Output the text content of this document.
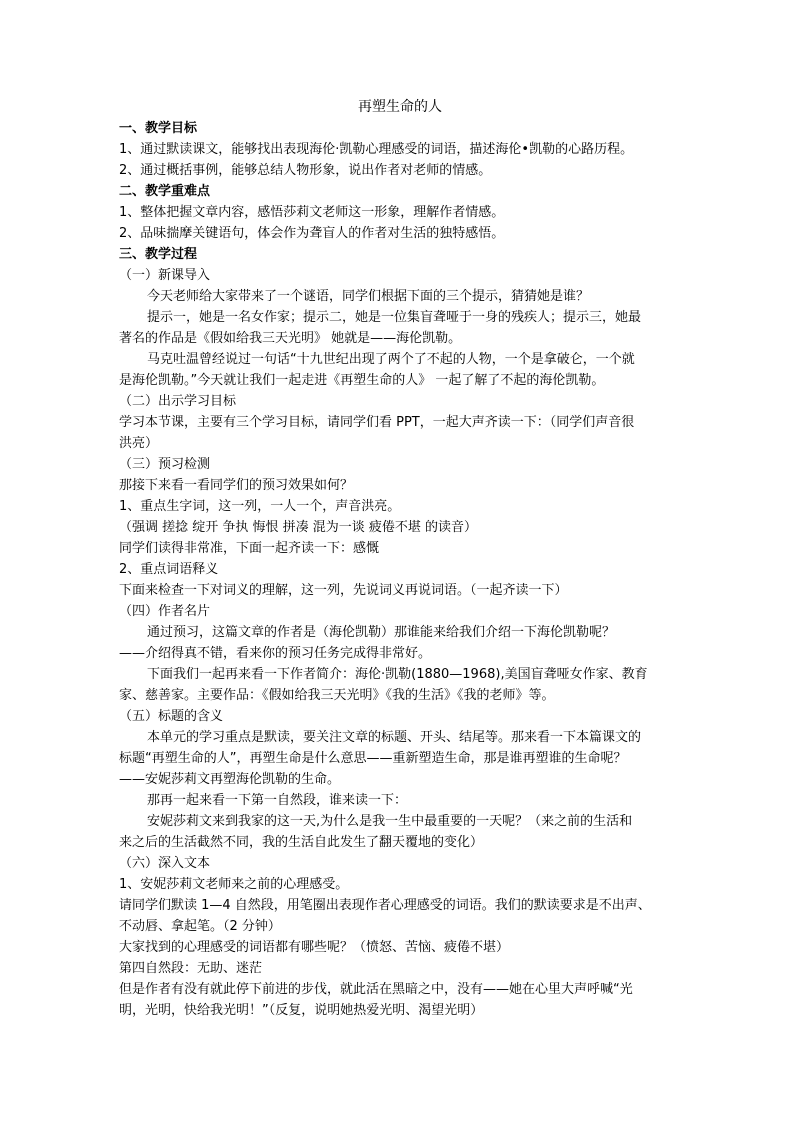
再塑生命的人

一、教学目标

1、通过默读课文，能够找出表现海伦·凯勒心理感受的词语，描述海伦•凯勒的心路历程。

2、通过概括事例，能够总结人物形象，说出作者对老师的情感。

二、教学重难点

1、整体把握文章内容，感悟莎莉文老师这一形象，理解作者情感。

2、品味揣摩关键语句，体会作为聋盲人的作者对生活的独特感悟。

三、教学过程

（一）新课导入

今天老师给大家带来了一个谜语，同学们根据下面的三个提示，猜猜她是谁？

提示一，她是一名女作家；提示二，她是一位集盲聋哑于一身的残疾人；提示三，她最

著名的作品是《假如给我三天光明》 她就是——海伦凯勒。

马克吐温曾经说过一句话“十九世纪出现了两个了不起的人物，一个是拿破仑，一个就

是海伦凯勒。”今天就让我们一起走进《再塑生命的人》 一起了解了不起的海伦凯勒。

（二）出示学习目标

学习本节课，主要有三个学习目标，请同学们看 PPT，一起大声齐读一下：（同学们声音很

洪亮）

（三）预习检测

那接下来看一看同学们的预习效果如何？

1、重点生字词，这一列，一人一个，声音洪亮。

（强调 搓捻 绽开 争执 悔恨 拼凑 混为一谈 疲倦不堪 的读音）

同学们读得非常准，下面一起齐读一下：感慨

2、重点词语释义

下面来检查一下对词义的理解，这一列，先说词义再说词语。（一起齐读一下）

（四）作者名片

通过预习，这篇文章的作者是（海伦凯勒）那谁能来给我们介绍一下海伦凯勒呢？

——介绍得真不错，看来你的预习任务完成得非常好。

下面我们一起再来看一下作者简介：海伦·凯勒(1880—1968),美国盲聋哑女作家、教育

家、慈善家。主要作品：《假如给我三天光明》《我的生活》《我的老师》等。

（五）标题的含义

本单元的学习重点是默读，要关注文章的标题、开头、结尾等。那来看一下本篇课文的

标题“再塑生命的人”，再塑生命是什么意思——重新塑造生命，那是谁再塑谁的生命呢？

——安妮莎莉文再塑海伦凯勒的生命。

那再一起来看一下第一自然段，谁来读一下：

安妮莎莉文来到我家的这一天,为什么是我一生中最重要的一天呢？（来之前的生活和

来之后的生活截然不同，我的生活自此发生了翻天覆地的变化）

（六）深入文本

1、安妮莎莉文老师来之前的心理感受。

请同学们默读 1—4 自然段，用笔圈出表现作者心理感受的词语。我们的默读要求是不出声、

不动唇、拿起笔。（2 分钟）

大家找到的心理感受的词语都有哪些呢？（愤怒、苦恼、疲倦不堪）

第四自然段：无助、迷茫

但是作者有没有就此停下前进的步伐，就此活在黑暗之中，没有——她在心里大声呼喊“光

明，光明，快给我光明！”（反复，说明她热爱光明、渴望光明）
